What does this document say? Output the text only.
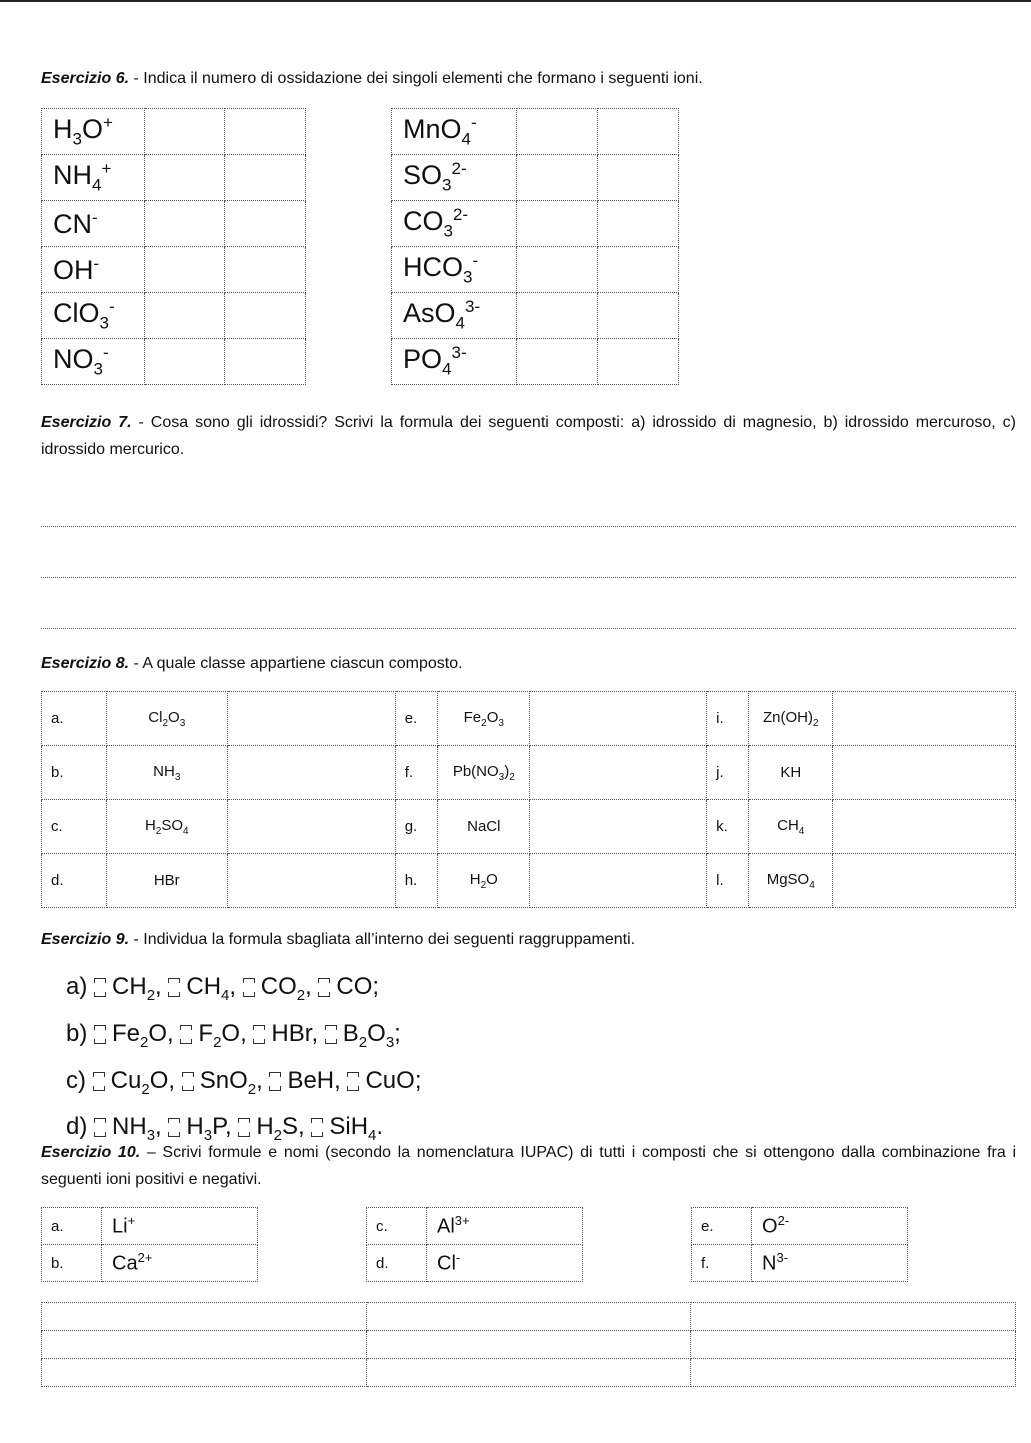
Esercizio 6. - Indica il numero di ossidazione dei singoli elementi che formano i seguenti ioni.
$H_3O^+$		
$NH_4^+$		
CN-		
OH-		
ClO$_3$-		
$NO_3^-$		
MnO$_4$-		
$SO_3^{2-}$		
$CO_3^{2-}$		
$HCO_3^-$		
AsO$_4^{3-}$		
$PO_4^{3-}$		
Esercizio 7. - Cosa sono gli idrossidi? Scrivi la formula dei seguenti composti: a) idrossido di magnesio, b) idrossido mercuroso, c) idrossido mercurico.
Esercizio 8. - A quale classe appartiene ciascun composto.
a.	$Cl_2O_3$		e.	$Fe_2O_3$		i.	$Zn(OH)_2$	
b.	$NH_3$		f.	$Pb(NO_3)_2$		j.	KH	
c.	$H_2SO_4$		g.	NaCl		k.	$CH_4$	
d.	HBr		h.	$H_2O$		l.	MgSO$_4$	
Esercizio 9. - Individua la formula sbagliata all’interno dei seguenti raggruppamenti.
a) $CH_2$, $CH_4$, $CO_2$, CO;
b) $Fe_2O$, $F_2O$, HBr, $B_2O_3$;
c) $Cu_2O$, SnO$_2$, BeH, CuO;
d) $NH_3$, $H_3P$, $H_2S$, SiH$_4$.
Esercizio 10. – Scrivi formule e nomi (secondo la nomenclatura IUPAC) di tutti i composti che si ottengono dalla combinazione fra i seguenti ioni positivi e negativi.
a.	Li+
b.	$Ca^{2+}$
c.	$Al^{3+}$
d.	Cl-
e.	$O^{2-}$
f.	$N^{3-}$
